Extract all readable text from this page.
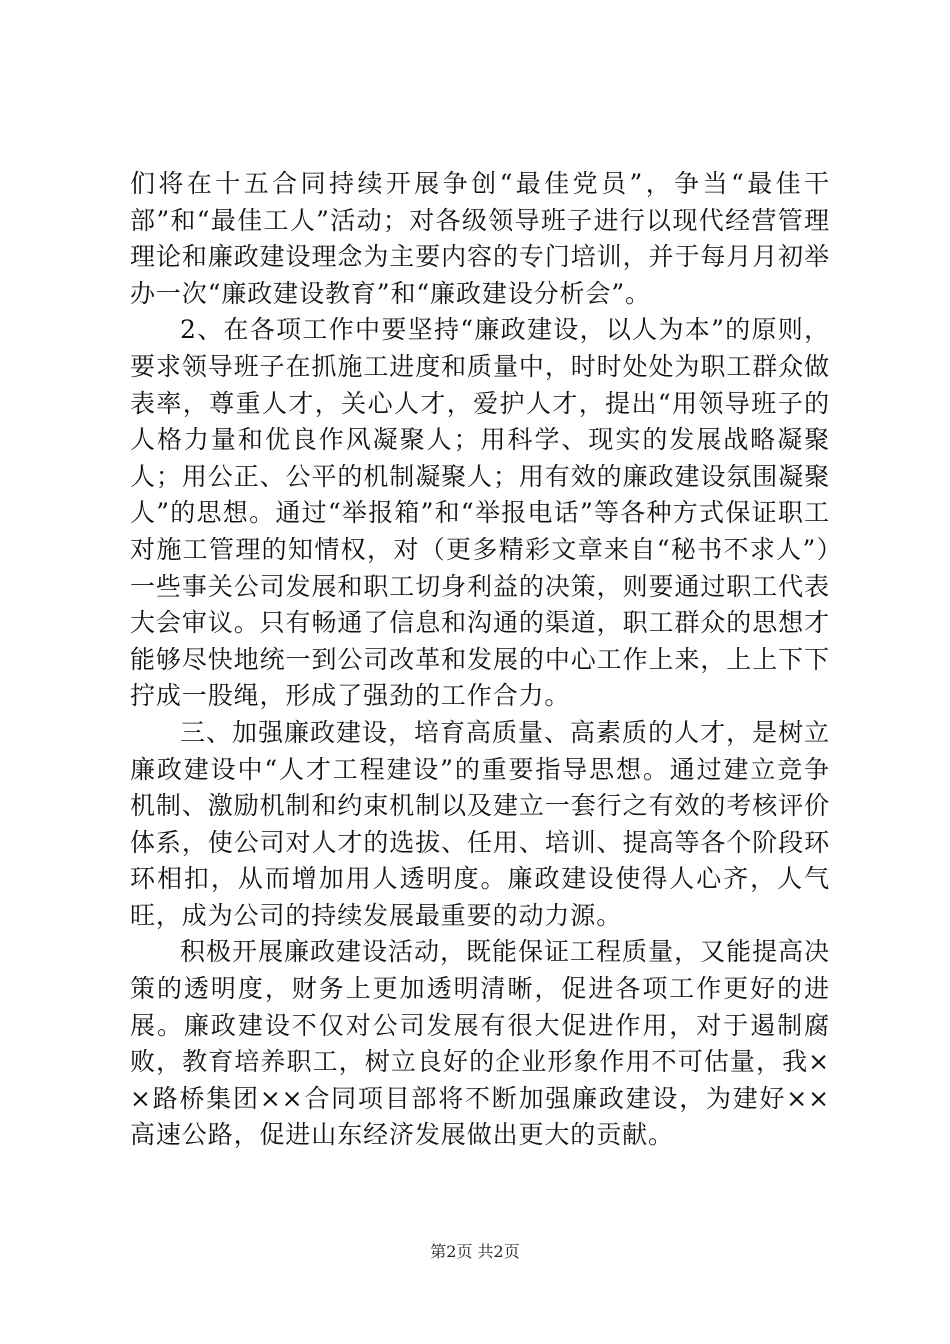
们将在十五合同持续开展争创“最佳党员”，争当“最佳干部”和“最佳工人”活动；对各级领导班子进行以现代经营管理理论和廉政建设理念为主要内容的专门培训，并于每月月初举办一次“廉政建设教育”和“廉政建设分析会”。

2、在各项工作中要坚持“廉政建设，以人为本”的原则，要求领导班子在抓施工进度和质量中，时时处处为职工群众做表率，尊重人才，关心人才，爱护人才，提出“用领导班子的人格力量和优良作风凝聚人；用科学、现实的发展战略凝聚人；用公正、公平的机制凝聚人；用有效的廉政建设氛围凝聚人”的思想。通过“举报箱”和“举报电话”等各种方式保证职工对施工管理的知情权，对（更多精彩文章来自“秘书不求人”）一些事关公司发展和职工切身利益的决策，则要通过职工代表大会审议。只有畅通了信息和沟通的渠道，职工群众的思想才能够尽快地统一到公司改革和发展的中心工作上来，上上下下拧成一股绳，形成了强劲的工作合力。

三、加强廉政建设，培育高质量、高素质的人才，是树立廉政建设中“人才工程建设”的重要指导思想。通过建立竞争机制、激励机制和约束机制以及建立一套行之有效的考核评价体系，使公司对人才的选拔、任用、培训、提高等各个阶段环环相扣，从而增加用人透明度。廉政建设使得人心齐，人气旺，成为公司的持续发展最重要的动力源。

积极开展廉政建设活动，既能保证工程质量，又能提高决策的透明度，财务上更加透明清晰，促进各项工作更好的进展。廉政建设不仅对公司发展有很大促进作用，对于遏制腐败，教育培养职工，树立良好的企业形象作用不可估量，我××路桥集团××合同项目部将不断加强廉政建设，为建好××高速公路，促进山东经济发展做出更大的贡献。

第2页 共2页
